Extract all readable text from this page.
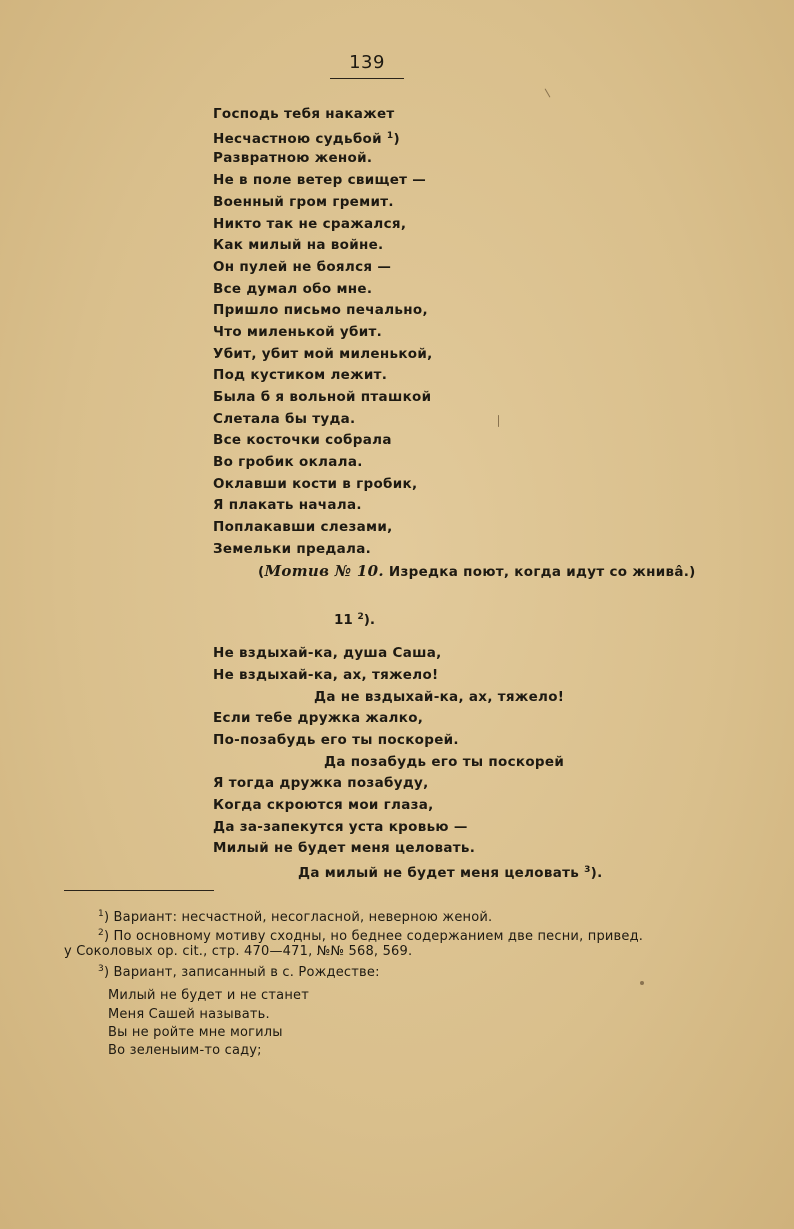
139
Господь тебя накажет
Несчастною судьбой $^1$)
Развратною женой.
Не в поле ветер свищет —
Военный гром гремит.
Никто так не сражался,
Как милый на войне.
Он пулей не боялся —
Все думал обо мне.
Пришло письмо печально,
Что миленькой убит.
Убит, убит мой миленькой,
Под кустиком лежит.
Была б я вольной пташкой
Слетала бы туда.
Все косточки собрала
Во гробик оклала.
Оклавши кости в гробик,
Я плакать начала.
Поплакавши слезами,
Земельки предала.
(Мотив № 10. Изредка поют, когда идут со жнивâ.)
11 $^2$).
Не вздыхай-ка, душа Саша,
Не вздыхай-ка, ах, тяжело!
Да не вздыхай-ка, ах, тяжело!
Если тебе дружка жалко,
По-позабудь его ты поскорей.
Да позабудь его ты поскорей
Я тогда дружка позабуду,
Когда скроются мои глаза,
Да за-запекутся уста кровью —
Милый не будет меня целовать.
Да милый не будет меня целовать $^3$).
$^1$) Вариант: несчастной, несогласной, неверною женой.
$^2$) По основному мотиву сходны, но беднее содержанием две песни, привед.
у Соколовых ор. cit., стр. 470—471, №№ 568, 569.
$^3$) Вариант, записанный в с. Рождестве:
Милый не будет и не станет
Меня Сашей называть.
Вы не ройте мне могилы
Во зеленыим-то саду;
